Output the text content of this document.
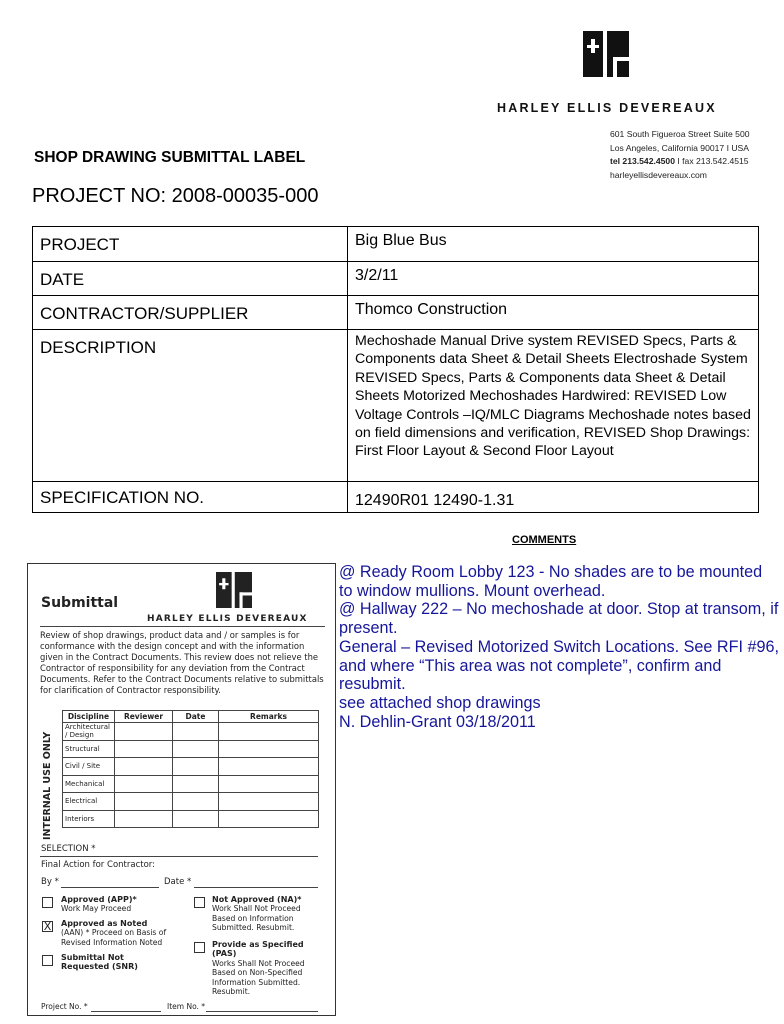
HARLEY ELLIS DEVEREAUX
601 South Figueroa Street Suite 500
Los Angeles, California 90017 I USA
tel 213.542.4500 I fax 213.542.4515
harleyellisdevereaux.com
SHOP DRAWING SUBMITTAL LABEL
PROJECT NO: 2008-00035-000
PROJECT	Big Blue Bus
DATE	3/2/11
CONTRACTOR/SUPPLIER	Thomco Construction
DESCRIPTION	Mechoshade Manual Drive system REVISED Specs, Parts & Components data Sheet & Detail Sheets Electroshade System REVISED Specs, Parts & Components data Sheet & Detail Sheets Motorized Mechoshades Hardwired: REVISED Low Voltage Controls –IQ/MLC Diagrams Mechoshade notes based on field dimensions and verification, REVISED Shop Drawings: First Floor Layout & Second Floor Layout
SPECIFICATION NO.	12490R01 12490-1.31
COMMENTS
@ Ready Room Lobby 123 - No shades are to be mounted to window mullions. Mount overhead.
@ Hallway 222 – No mechoshade at door. Stop at transom, if present.
General – Revised Motorized Switch Locations. See RFI #96, and where “This area was not complete”, confirm and resubmit.
see attached shop drawings
N. Dehlin-Grant 03/18/2011
Submittal
HARLEY ELLIS DEVEREAUX
Review of shop drawings, product data and / or samples is for conformance with the design concept and with the information given in the Contract Documents. This review does not relieve the Contractor of responsibility for any deviation from the Contract Documents. Refer to the Contract Documents relative to submittals for clarification of Contractor responsibility.
INTERNAL USE ONLY
Discipline	Reviewer	Date	Remarks
Architectural / Design			
Structural			
Civil / Site			
Mechanical			
Electrical			
Interiors			
SELECTION *
Final Action for Contractor:
By *	Date *
Approved (APP)*
Work May Proceed
X Approved as Noted
(AAN) * Proceed on Basis of Revised Information Noted
Submittal Not
Requested (SNR)
Not Approved (NA)*
Work Shall Not Proceed Based on Information Submitted. Resubmit.
Provide as Specified (PAS)
Works Shall Not Proceed Based on Non-Specified Information Submitted. Resubmit.
Project No. *	Item No. *
